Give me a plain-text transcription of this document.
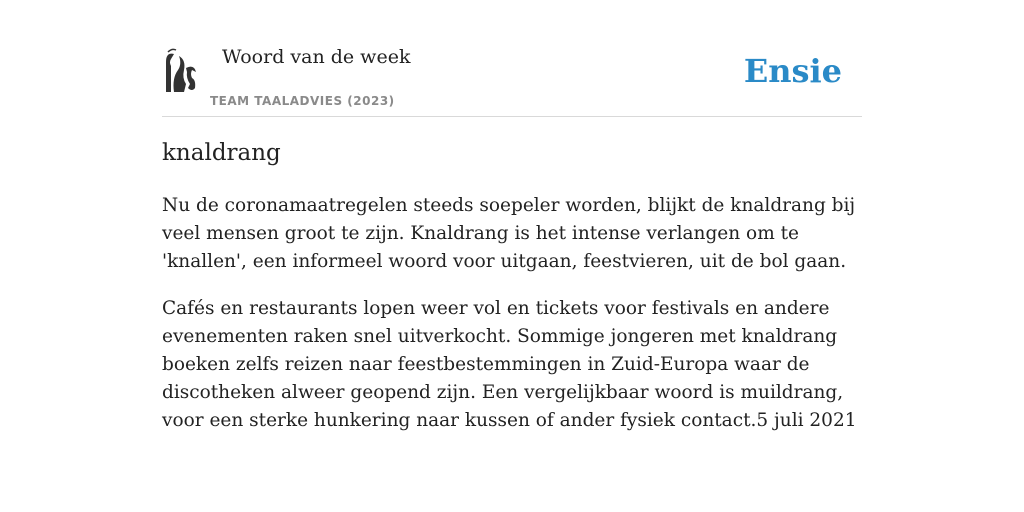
Woord van de week
TEAM TAALADVIES (2023)
Ensie
knaldrang

Nu de coronamaatregelen steeds soepeler worden, blijkt de knaldrang bij veel mensen groot te zijn. Knaldrang is het intense verlangen om te 'knallen', een informeel woord voor uitgaan, feestvieren, uit de bol gaan.

Cafés en restaurants lopen weer vol en tickets voor festivals en andere evenementen raken snel uitverkocht. Sommige jongeren met knaldrang boeken zelfs reizen naar feestbestemmingen in Zuid-Europa waar de discotheken alweer geopend zijn. Een vergelijkbaar woord is muildrang, voor een sterke hunkering naar kussen of ander fysiek contact.5 juli 2021
